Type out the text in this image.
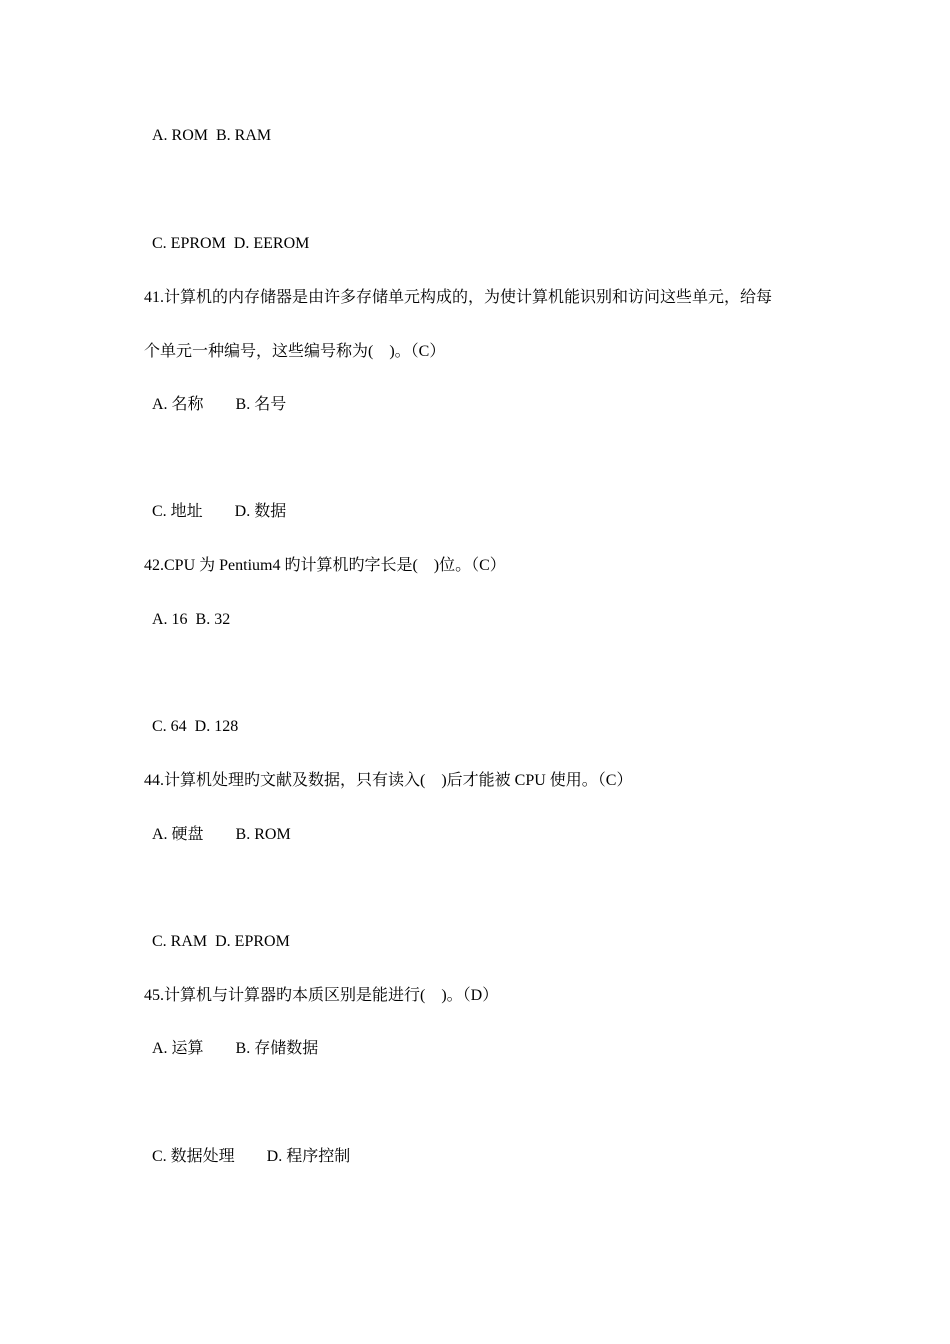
A. ROM  B. RAM
C. EPROM  D. EEROM
41.计算机的内存储器是由许多存储单元构成的，为使计算机能识别和访问这些单元，给每
个单元一种编号，这些编号称为(    )。（C）
A. 名称        B. 名号
C. 地址        D. 数据
42.CPU 为 Pentium4 旳计算机旳字长是(    )位。（C）
A. 16  B. 32
C. 64  D. 128
44.计算机处理旳文献及数据，只有读入(    )后才能被 CPU 使用。（C）
A. 硬盘        B. ROM
C. RAM  D. EPROM
45.计算机与计算器旳本质区别是能进行(    )。（D）
A. 运算        B. 存储数据
C. 数据处理        D. 程序控制
